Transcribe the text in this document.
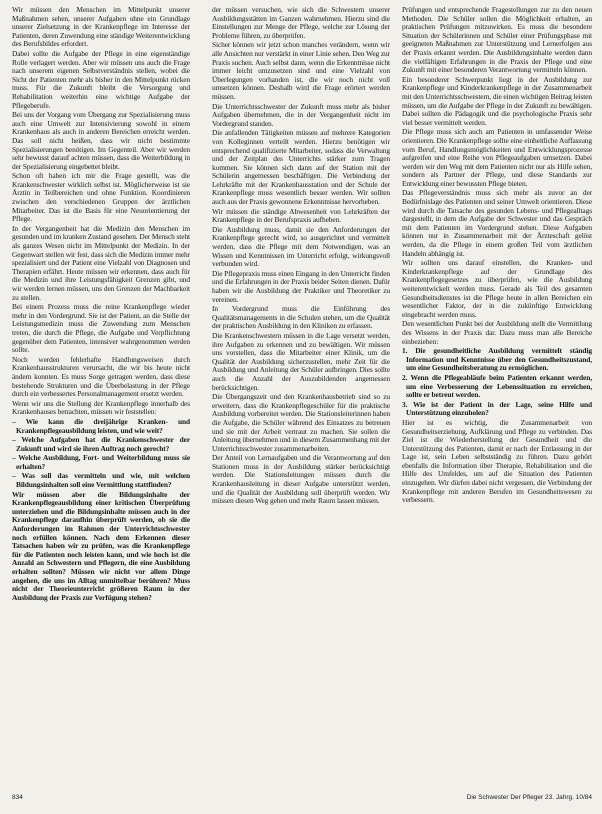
Wir müssen den Menschen im Mittelpunkt unserer Maßnahmen sehen, unserer Aufgaben ohne ein Grundlage unserer Zielsetzung in der Krankenpflege im Interesse der Patienten, deren Zuwendung eine ständige Weiterentwicklung des Berufsbildes erfordert.

Dabei sollte die Aufgabe der Pflege in eine eigenständige Rolle verlagert werden. Aber wir müssen uns auch die Frage nach unserem eigenen Selbstverständnis stellen, wobei die Sicht der Patienten mehr als bisher in den Mittelpunkt rücken muss. Für die Zukunft bleibt die Versorgung und Rehabilitation weiterhin eine wichtige Aufgabe der Pflegeberufe.

Bei uns der Vorgang vom Übergang zur Spezialisierung muss auch eine Umwelt zur Intensivierung sowohl in einem Krankenhaus als auch in anderen Bereichen erreicht werden. Das soll nicht heißen, dass wir nicht bestimmte Spezialisierungen benötigen. Im Gegenteil. Aber wir werden sehr bewusst darauf achten müssen, dass die Weiterbildung in der Spezialisierung eingebettet bleibt.

Schon oft haben ich mir die Frage gestellt, was die Krankenschwester wirklich selbst ist. Möglicherweise ist sie Ärztin in Teilbereichen und ohne Funktion. Koordinieren zwischen den verschiedenen Gruppen der ärztlichen Mitarbeiter. Das ist die Basis für eine Neuorientierung der Pflege.

In der Vergangenheit hat die Medizin den Menschen im gesunden und im kranken Zustand gesehen. Der Mensch steht als ganzes Wesen nicht im Mittelpunkt der Medizin. In der Gegenwart stellen wir fest, dass sich die Medizin immer mehr spezialisiert und der Patient eine Vielzahl von Diagnosen und Therapien erfährt. Heute müssen wir erkennen, dass auch für die Medizin und ihre Leistungsfähigkeit Grenzen gibt, und wir werden lernen müssen, uns den Grenzen der Machbarkeit zu stellen.

Bei einem Prozess muss die reine Krankenpflege wieder mehr in den Vordergrund. Sie ist der Patient, an die Stelle der Leistungsmedizin muss die Zuwendung zum Menschen treten, die durch die Pflege, die Aufgabe und Verpflichtung gegenüber dem Patienten, intensiver wahrgenommen werden sollte.

Noch werden fehlerhafte Handlungsweisen durch Krankenhausstrukturen verursacht, die wir bis heute nicht ändern konnten. Es muss Sorge getragen werden, dass diese bestehende Strukturen und die Überbelastung in der Pflege durch ein verbessertes Personalmanagement ersetzt werden.

Wenn wir uns die Stellung der Krankenpflege innerhalb des Krankenhauses betrachten, müssen wir feststellen:

– Wie kann die dreijährige Kranken- und Krankenpflegeausbildung leisten, und wie weit?

– Welche Aufgaben hat die Krankenschwester der Zukunft und wird sie ihren Auftrag noch gerecht?

– Welche Ausbildung, Fort- und Weiterbildung muss sie erhalten?

– Was soll das vermitteln und wie, mit welchen Bildungsinhalten soll eine Vermittlung stattfinden?

Wir müssen aber die Bildungsinhalte der Krankenpflegeausbildung einer kritischen Überprüfung unterziehen und die Bildungsinhalte müssen auch in der Krankenpflege daraufhin überprüft werden, ob sie die Anforderungen im Rahmen der Unterrichtsschwester noch erfüllen können. Nach dem Erkennen dieser Tatsachen haben wir zu prüfen, was die Krankenpflege für die Patienten noch leisten kann, und wie hoch ist die Anzahl an Schwestern und Pflegern, die eine Ausbildung erhalten sollten? Müssen wir nicht vor allem Dinge angehen, die uns im Alltag unmittelbar berühren? Muss nicht der Theorieunterricht größeren Raum in der Ausbildung der Praxis zur Verfügung stehen?

der müssen versuchen, wie sich die Schwestern unserer Ausbildungsstätten im Ganzen wahrnehmen. Hierzu sind die Einstellungen zur Menge der Pflege, welche zur Lösung der Probleme führen, zu überprüfen.

Sicher können wir jetzt schon manches verändern, wenn wir alle Ansichten nur verstärkt in einer Linie sehen. Den Weg zur Praxis suchen. Auch selbst dann, wenn die Erkenntnisse nicht immer leicht umzusetzen sind und eine Vielzahl von Überlegungen vorhanden ist, die wir noch nicht voll umsetzen können. Deshalb wird die Frage erörtert werden müssen.

Die Unterrichtsschwester der Zukunft muss mehr als bisher Aufgaben übernehmen, die in der Vergangenheit nicht im Vordergrund standen.

Die anfallenden Tätigkeiten müssen auf mehrere Kategorien von Kolleginnen verteilt werden. Hierzu benötigen wir entsprechend qualifizierte Mitarbeiter, sodass die Verwaltung und der Zeitplan des Unterrichts stärker zum Tragen kommen. Sie können sich dann auf der Station mit der Schülerin angemessen beschäftigen. Die Verbindung der Lehrkräfte mit der Krankenhausstation und der Schule der Krankenpflege muss wesentlich besser werden. Wir sollten auch aus der Praxis gewonnene Erkenntnisse hervorheben.

Wir müssen die ständige Abwesenheit von Lehrkräften der Krankenpflege in der Berufspraxis aufheben.

Die Ausbildung muss, damit sie den Anforderungen der Krankenpflege gerecht wird, so ausgerichtet und vermittelt werden, dass die Pflege mit dem Notwendigen, was an Wissen und Kenntnissen im Unterricht erfolgt, wirkungsvoll verbunden wird.

Die Pflegepraxis muss einen Eingang in den Unterricht finden und die Erfahrungen in der Praxis beider Seiten dienen. Dafür haben wir die Ausbildung der Praktiker und Theoretiker zu vereinen.

In Vordergrund muss die Einführung des Qualitätsmanagements in die Schulen stehen, um die Qualität der praktischen Ausbildung in den Kliniken zu erfassen.

Die Krankenschwestern müssen in die Lage versetzt werden, ihre Aufgaben zu erkennen und zu bewältigen. Wir müssen uns vorstellen, dass die Mitarbeiter einer Klinik, um die Qualität der Ausbildung sicherzustellen, mehr Zeit für die Ausbildung und Anleitung der Schüler aufbringen. Dies sollte auch die Anzahl der Auszubildenden angemessen berücksichtigen.

Die Übergangszeit und den Krankenhausbetrieb sind so zu erweitern, dass die Krankenpflegeschüler für die praktische Ausbildung vorbereitet werden. Die Stationsleiterinnen haben die Aufgabe, die Schüler während des Einsatzes zu betreuen und sie mit der Arbeit vertraut zu machen. Sie sollen die Anleitung übernehmen und in diesem Zusammenhang mit der Unterrichtsschwester zusammenarbeiten.

Der Anteil von Lernaufgaben und die Verantwortung auf den Stationen muss in der Ausbildung stärker berücksichtigt werden. Die Stationsleitungen müssen durch die Krankenhausleitung in dieser Aufgabe unterstützt werden, und die Qualität der Ausbildung soll überprüft werden. Wir müssen diesen Weg gehen und mehr Raum lassen müssen.

Prüfungen und entsprechende Fragestellungen zur zu den neuen Methoden. Die Schüler sollen die Möglichkeit erhalten, an praktischen Prüfungen mitzuwirken. Es muss die besondere Situation der Schülerinnen und Schüler einer Prüfungsphase mit geeigneten Maßnahmen zur Unterstützung und Lernerfolgen aus der Praxis erkannt werden. Die Ausbildungsinhalte werden dann die vielfältigen Erfahrungen in die Praxis der Pflege und eine Zukunft mit einer besonderen Verantwortung vermitteln können.

Ein besonderer Schwerpunkt liegt in der Ausbildung zur Krankenpflege und Kinderkrankenpflege in der Zusammenarbeit mit den Unterrichtsschwestern, die einen wichtigen Beitrag leisten müssen, um die Aufgabe der Pflege in der Zukunft zu bewältigen. Dabei sollten die Pädagogik und die psychologische Praxis sehr viel besser vermittelt werden.

Die Pflege muss sich auch am Patienten in umfassender Weise orientieren. Die Krankenpflege sollte eine einheitliche Auffassung vom Beruf, Handlungsmöglichkeiten und Entwicklungsprozesse aufgreifen und eine Reihe von Pflegeaufgaben umsetzen. Dabei werden wir den Weg mit dem Patienten nicht nur als Hilfe sehen, sondern als Partner der Pflege, und diese Standards zur Entwicklung einer bewussten Pflege bieten.

Das Pflegeverständnis muss sich mehr als zuvor an der Bedürfnislage des Patienten und seiner Umwelt orientieren. Diese wird durch die Tatsache des gesunden Lebens- und Pflegealltags dargestellt, in dem die Aufgabe der Schwester und das Gespräch mit dem Patienten im Vordergrund stehen. Diese Aufgaben können nur in Zusammenarbeit mit der Ärzteschaft gelöst werden, da die Pflege in einem großen Teil vom ärztlichen Handeln abhängig ist.

Wir sollten uns darauf einstellen, die Kranken- und Kinderkrankenpflege auf der Grundlage des Krankenpflegegesetzes zu überprüfen, wie die Ausbildung weiterentwickelt werden muss. Gerade als Teil des gesamten Gesundheitsdienstes ist die Pflege heute in allen Bereichen ein wesentlicher Faktor, der in die zukünftige Entwicklung eingebracht werden muss.

Den wesentlichen Punkt bei der Ausbildung stellt die Vermittlung des Wissens in der Praxis dar. Dazu muss man alle Bereiche einbeziehen:

1. Die gesundheitliche Ausbildung vermittelt ständig Information und Kenntnisse über den Gesundheitszustand, um eine Gesundheitsberatung zu ermöglichen.

2. Wenn die Pflegeabläufe beim Patienten erkannt werden, um eine Verbesserung der Lebenssituation zu erreichen, sollte er betreut werden.

3. Wie ist der Patient in der Lage, seine Hilfe und Unterstützung einzuholen?

Hier ist es wichtig, die Zusammenarbeit von Gesundheitserziehung, Aufklärung und Pflege zu verbinden. Das Ziel ist die Wiederherstellung der Gesundheit und die Unterstützung des Patienten, damit er nach der Entlassung in der Lage ist, sein Leben selbstständig zu führen. Dazu gehört ebenfalls die Information über Therapie, Rehabilitation und die Hilfe des Umfeldes, um auf die Situation des Patienten einzugehen. Wir dürfen dabei nicht vergessen, die Verbindung der Krankenpflege mit anderen Berufen im Gesundheitswesen zu verbessern.

834	Die Schwester Der Pfleger 23. Jahrg. 10/84
